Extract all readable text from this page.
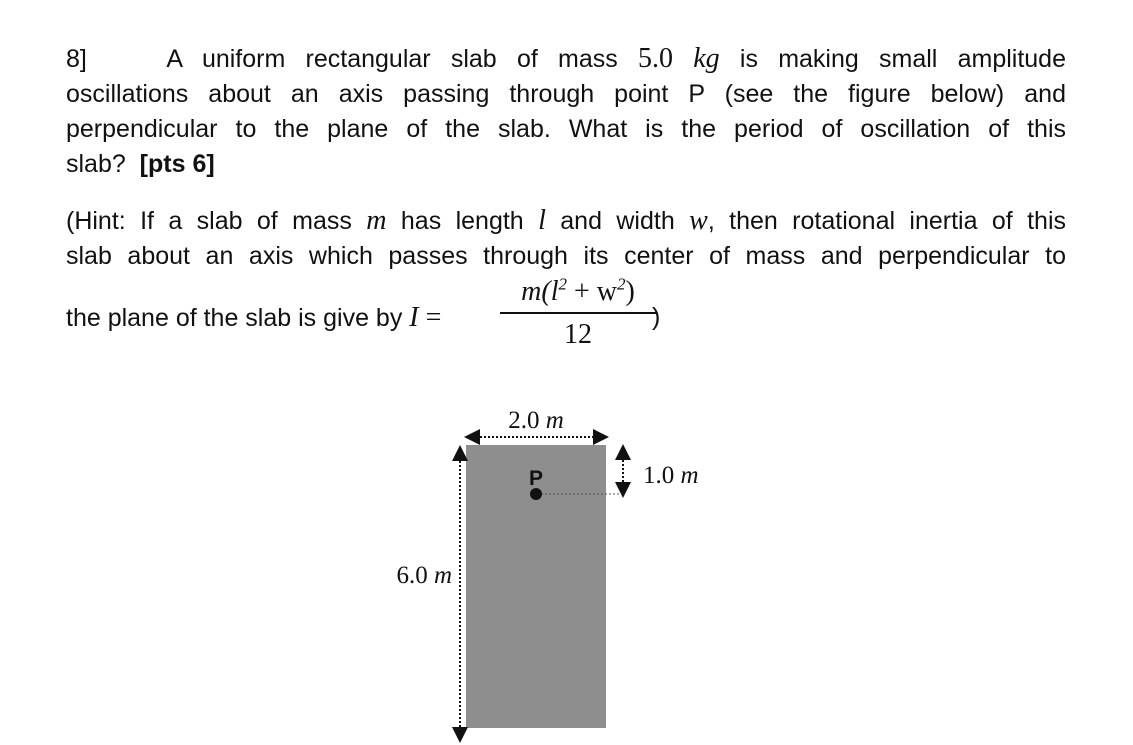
8]	A uniform rectangular slab of mass 5.0 kg is making small amplitude
oscillations about an axis passing through point P (see the figure below) and
perpendicular to the plane of the slab. What is the period of oscillation of this
slab? [pts 6]
(Hint: If a slab of mass m has length l and width w, then rotational inertia of this
slab about an axis which passes through its center of mass and perpendicular to
the plane of the slab is give by I =
$m(l^2 + w^2)$
12
)
2.0 m
6.0 m
1.0 m
P
